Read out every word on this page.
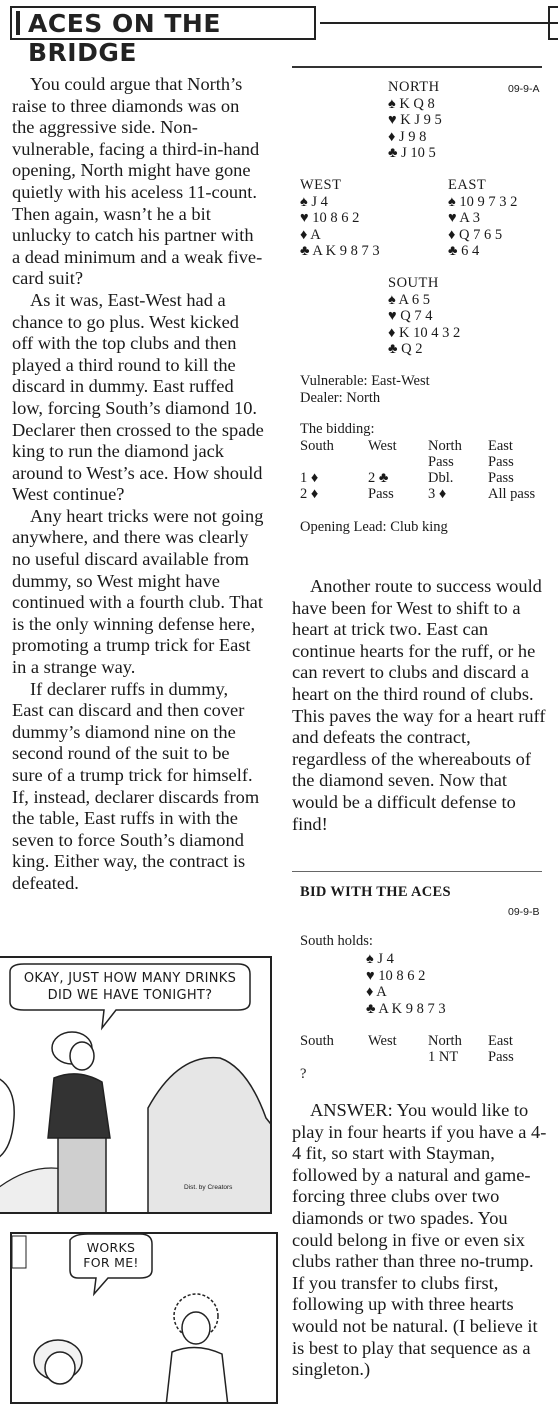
ACES ON THE BRIDGE

You could argue that North’s raise to three diamonds was on the aggressive side. Non-vulnerable, facing a third-in-hand opening, North might have gone quietly with his aceless 11-count. Then again, wasn’t he a bit unlucky to catch his partner with a dead minimum and a weak five-card suit?

As it was, East-West had a chance to go plus. West kicked off with the top clubs and then played a third round to kill the discard in dummy. East ruffed low, forcing South’s diamond 10. Declarer then crossed to the spade king to run the diamond jack around to West’s ace. How should West continue?

Any heart tricks were not going anywhere, and there was clearly no useful discard available from dummy, so West might have continued with a fourth club. That is the only winning defense here, promoting a trump trick for East in a strange way.

If declarer ruffs in dummy, East can discard and then cover dummy’s diamond nine on the second round of the suit to be sure of a trump trick for himself. If, instead, declarer discards from the table, East ruffs in with the seven to force South’s diamond king. Either way, the contract is defeated.

NORTH
♠ K Q 8
♥ K J 9 5
♦ J 9 8
♣ J 10 5
09-9-A
WEST
♠ J 4
♥ 10 8 6 2
♦ A
♣ A K 9 8 7 3
EAST
♠ 10 9 7 3 2
♥ A 3
♦ Q 7 6 5
♣ 6 4
SOUTH
♠ A 6 5
♥ Q 7 4
♦ K 10 4 3 2
♣ Q 2
Vulnerable: East-West
Dealer: North
The bidding:
South	West	North	East
		Pass	Pass
1 ♦	2 ♣	Dbl.	Pass
2 ♦	Pass	3 ♦	All pass
Opening Lead: Club king

Another route to success would have been for West to shift to a heart at trick two. East can continue hearts for the ruff, or he can revert to clubs and discard a heart on the third round of clubs. This paves the way for a heart ruff and defeats the contract, regardless of the whereabouts of the diamond seven. Now that would be a difficult defense to find!

BID WITH THE ACES
09-9-B
South holds:
♠ J 4
♥ 10 8 6 2
♦ A
♣ A K 9 8 7 3
South	West	North	East
		1 NT	Pass
?

ANSWER: You would like to play in four hearts if you have a 4-4 fit, so start with Stayman, followed by a natural and game-forcing three clubs over two diamonds or two spades. You could belong in five or even six clubs rather than three no-trump. If you transfer to clubs first, following up with three hearts would not be natural. (I believe it is best to play that sequence as a singleton.)

OKAY, JUST HOW MANY DRINKS DID WE HAVE TONIGHT?
Dist. by Creators
WORKS FOR ME!
